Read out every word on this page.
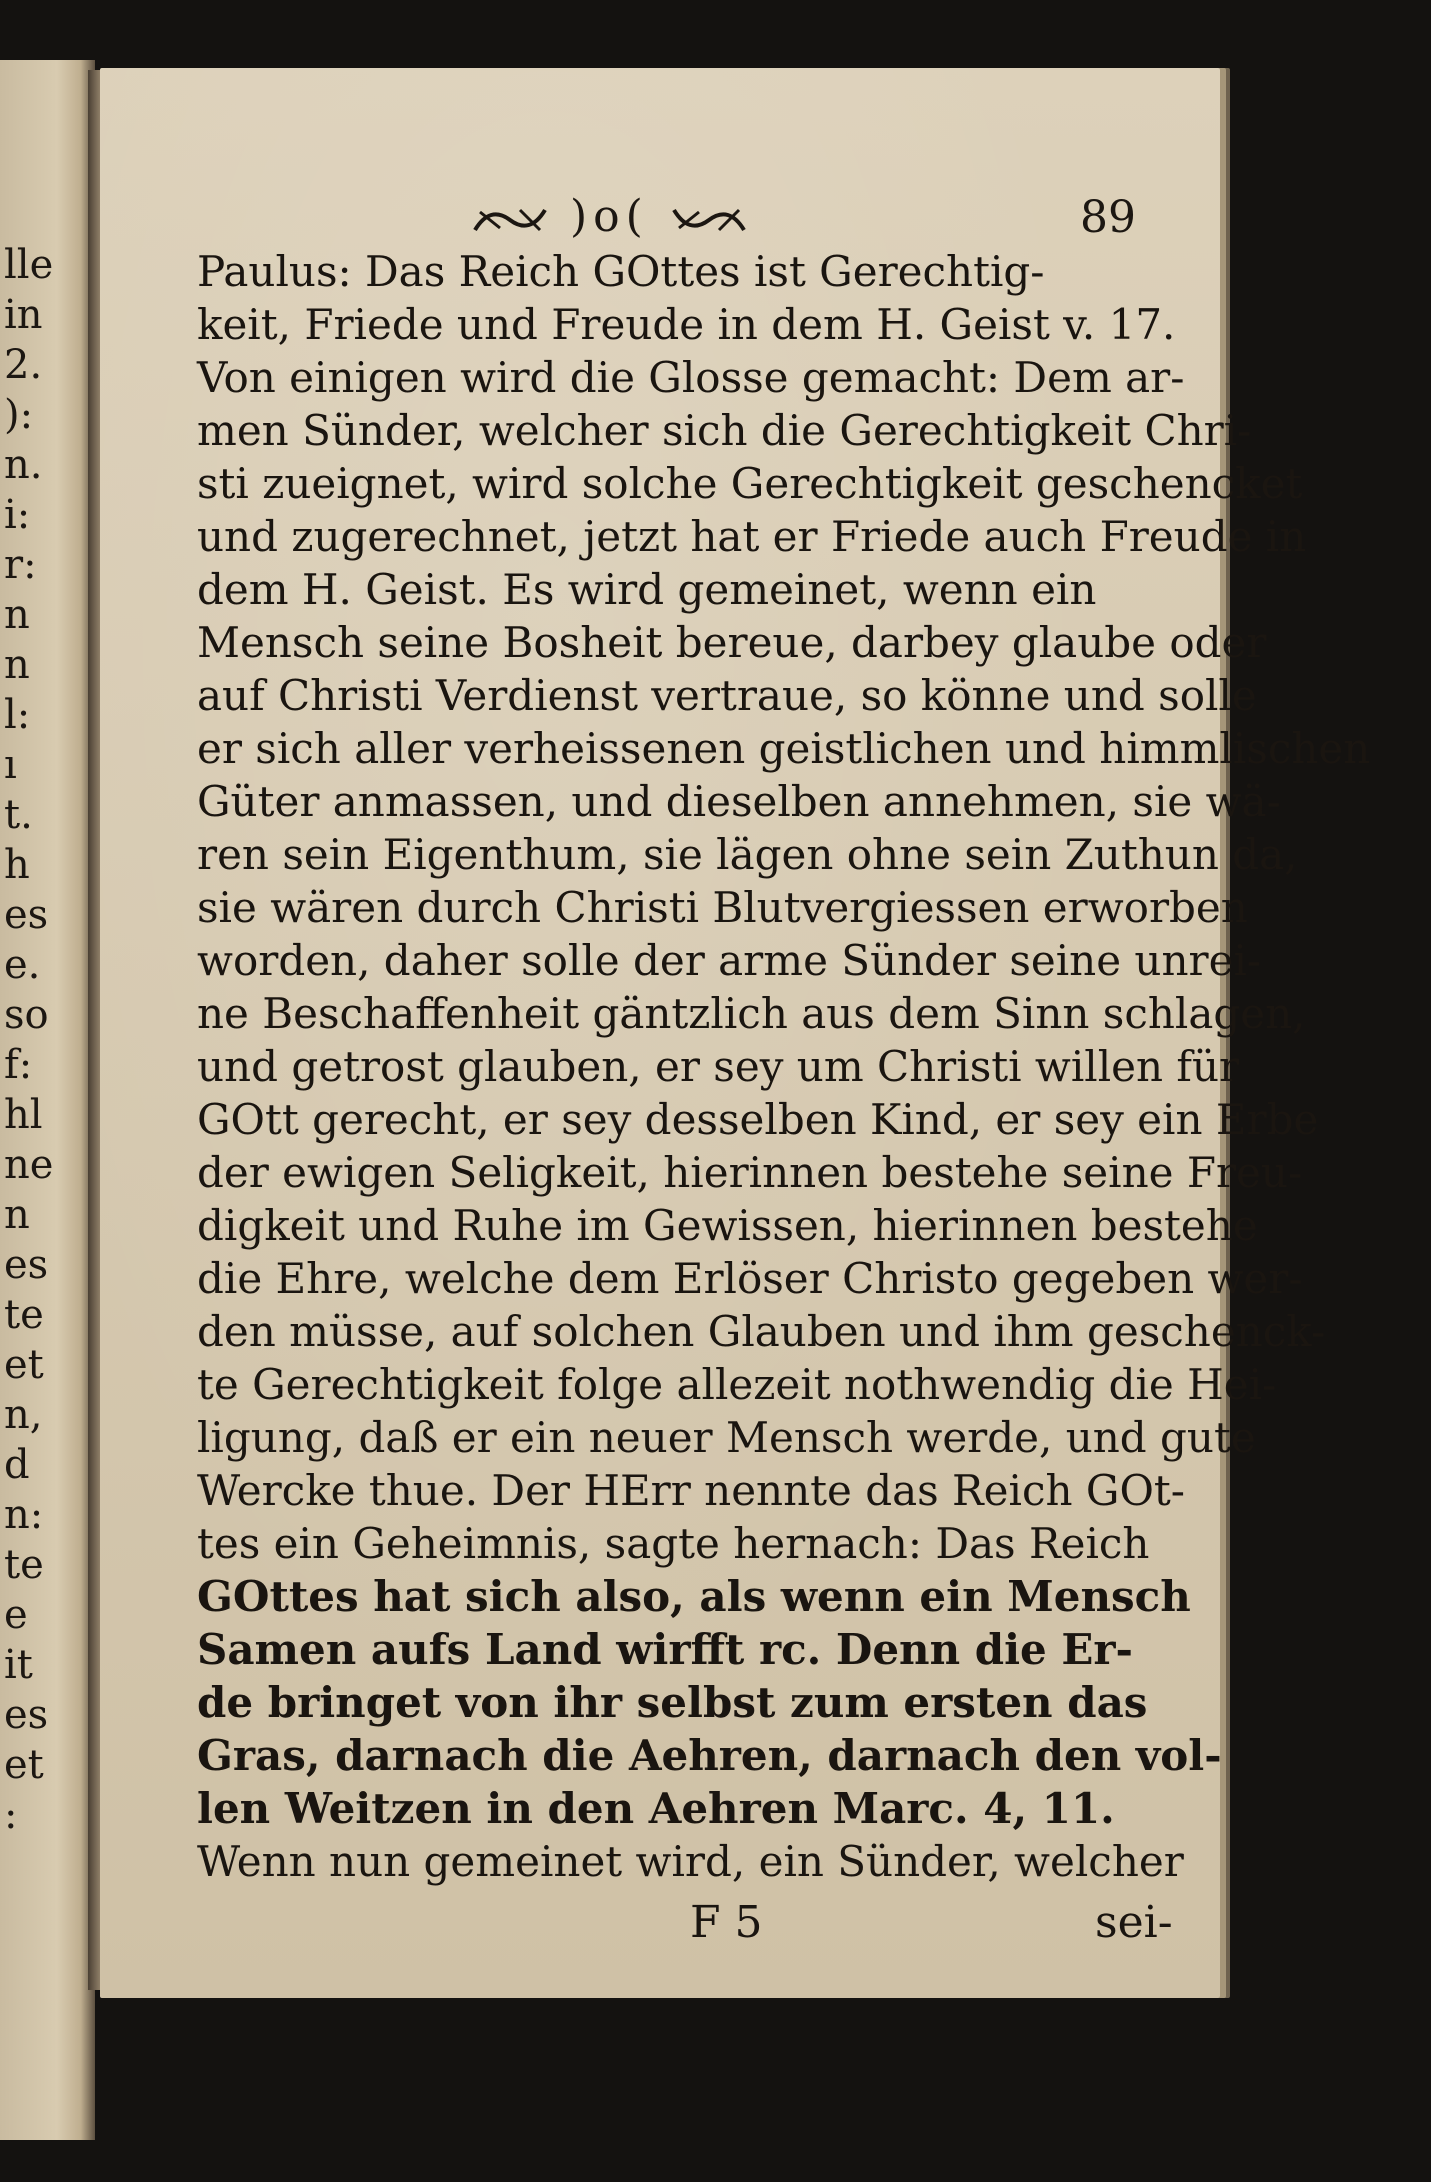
lle
in
2.
):
n.
i:
r:
n
n
l:
ı
t.
h
es
e.
so
f:
hl
ne
n
es
te
et
n,
d
n:
te
e
it
es
et
:
)o(	89
Paulus: Das Reich GOttes ist Gerechtig-
keit, Friede und Freude in dem H. Geist v. 17.
Von einigen wird die Glosse gemacht: Dem ar-
men Sünder, welcher sich die Gerechtigkeit Chri-
sti zueignet, wird solche Gerechtigkeit geschencket
und zugerechnet, jetzt hat er Friede auch Freude in
dem H. Geist. Es wird gemeinet, wenn ein
Mensch seine Bosheit bereue, darbey glaube oder
auf Christi Verdienst vertraue, so könne und solle
er sich aller verheissenen geistlichen und himmlischen
Güter anmassen, und dieselben annehmen, sie wä-
ren sein Eigenthum, sie lägen ohne sein Zuthun da,
sie wären durch Christi Blutvergiessen erworben
worden, daher solle der arme Sünder seine unrei-
ne Beschaffenheit gäntzlich aus dem Sinn schlagen,
und getrost glauben, er sey um Christi willen für
GOtt gerecht, er sey desselben Kind, er sey ein Erbe
der ewigen Seligkeit, hierinnen bestehe seine Freu-
digkeit und Ruhe im Gewissen, hierinnen bestehe
die Ehre, welche dem Erlöser Christo gegeben wer-
den müsse, auf solchen Glauben und ihm geschenck-
te Gerechtigkeit folge allezeit nothwendig die Hei-
ligung, daß er ein neuer Mensch werde, und gute
Wercke thue. Der HErr nennte das Reich GOt-
tes ein Geheimnis, sagte hernach: Das Reich
GOttes hat sich also, als wenn ein Mensch
Samen aufs Land wirfft rc. Denn die Er-
de bringet von ihr selbst zum ersten das
Gras, darnach die Aehren, darnach den vol-
len Weitzen in den Aehren Marc. 4, 11.
Wenn nun gemeinet wird, ein Sünder, welcher
F 5	sei-
